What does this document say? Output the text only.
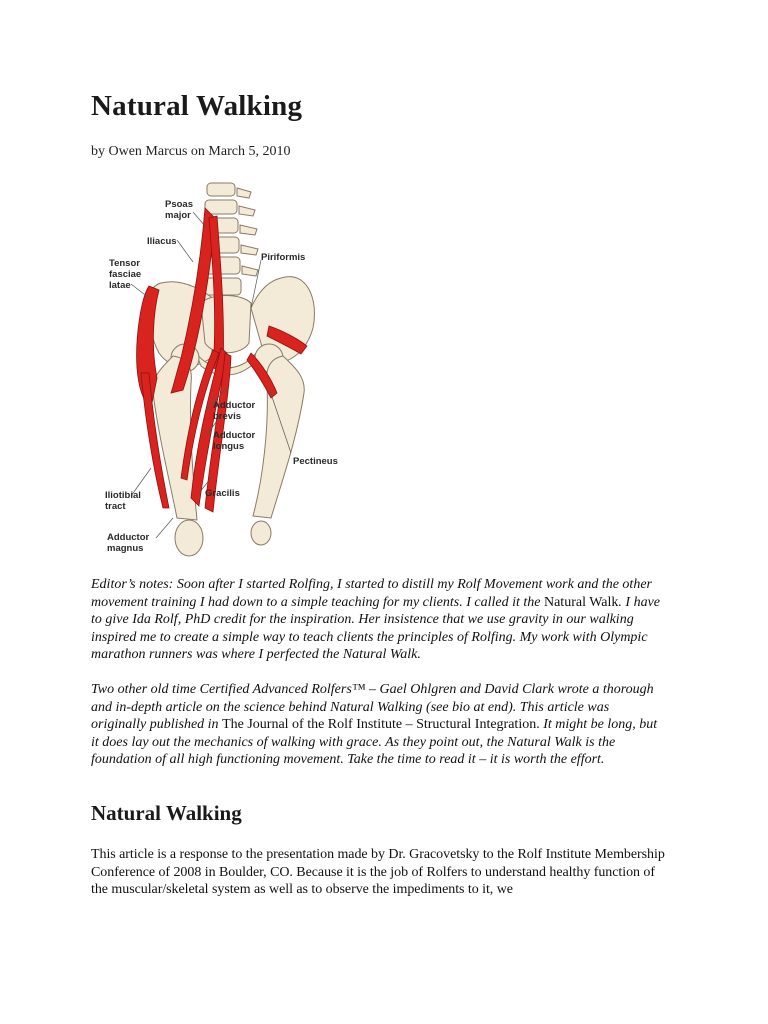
Natural Walking
by Owen Marcus on March 5, 2010
Psoas major
Iliacus
Tensor fasciae latae
Piriformis
Adductor brevis
Adductor longus
Pectineus
Gracilis
Iliotibial tract
Adductor magnus

Editor’s notes: Soon after I started Rolfing, I started to distill my Rolf Movement work and the other movement training I had down to a simple teaching for my clients. I called it the Natural Walk. I have to give Ida Rolf, PhD credit for the inspiration. Her insistence that we use gravity in our walking inspired me to create a simple way to teach clients the principles of Rolfing. My work with Olympic marathon runners was where I perfected the Natural Walk.

Two other old time Certified Advanced Rolfers™ – Gael Ohlgren and David Clark wrote a thorough and in-depth article on the science behind Natural Walking (see bio at end). This article was originally published in The Journal of the Rolf Institute – Structural Integration. It might be long, but it does lay out the mechanics of walking with grace. As they point out, the Natural Walk is the foundation of all high functioning movement. Take the time to read it – it is worth the effort.

Natural Walking

This article is a response to the presentation made by Dr. Gracovetsky to the Rolf Institute Membership Conference of 2008 in Boulder, CO. Because it is the job of Rolfers to understand healthy function of the muscular/skeletal system as well as to observe the impediments to it, we
